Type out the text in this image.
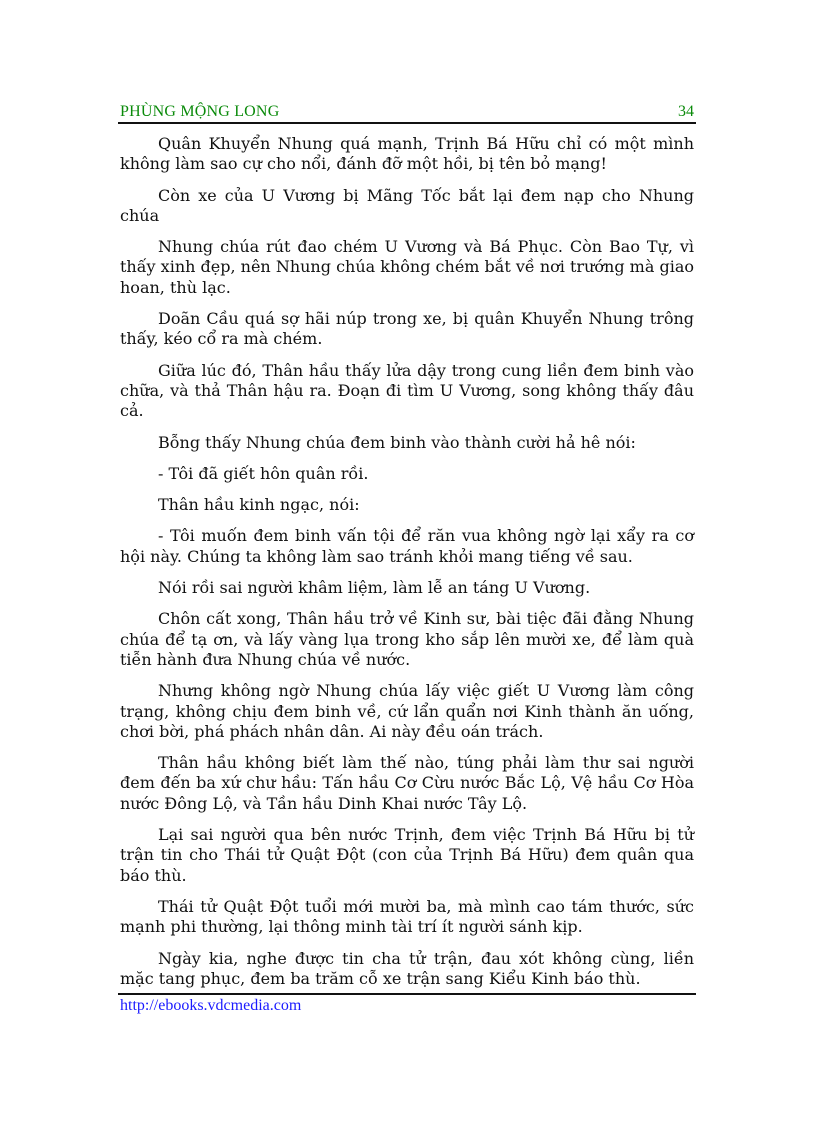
PHÙNG MỘNG LONG	34

Quân Khuyển Nhung quá mạnh, Trịnh Bá Hữu chỉ có một mình không làm sao cự cho nổi, đánh đỡ một hồi, bị tên bỏ mạng!

Còn xe của U Vương bị Mãng Tốc bắt lại đem nạp cho Nhung chúa

Nhung chúa rút đao chém U Vương và Bá Phục. Còn Bao Tự, vì thấy xinh đẹp, nên Nhung chúa không chém bắt về nơi trướng mà giao hoan, thù lạc.

Doãn Cầu quá sợ hãi núp trong xe, bị quân Khuyển Nhung trông thấy, kéo cổ ra mà chém.

Giữa lúc đó, Thân hầu thấy lửa dậy trong cung liền đem binh vào chữa, và thả Thân hậu ra. Đoạn đi tìm U Vương, song không thấy đâu cả.

Bỗng thấy Nhung chúa đem binh vào thành cười hả hê nói:

- Tôi đã giết hôn quân rồi.

Thân hầu kinh ngạc, nói:

- Tôi muốn đem binh vấn tội để răn vua không ngờ lại xẩy ra cơ hội này. Chúng ta không làm sao tránh khỏi mang tiếng về sau.

Nói rồi sai người khâm liệm, làm lễ an táng U Vương.

Chôn cất xong, Thân hầu trở về Kinh sư, bài tiệc đãi đằng Nhung chúa để tạ ơn, và lấy vàng lụa trong kho sắp lên mười xe, để làm quà tiễn hành đưa Nhung chúa về nước.

Nhưng không ngờ Nhung chúa lấy việc giết U Vương làm công trạng, không chịu đem binh về, cứ lẩn quẩn nơi Kinh thành ăn uống, chơi bời, phá phách nhân dân. Ai này đều oán trách.

Thân hầu không biết làm thế nào, túng phải làm thư sai người đem đến ba xứ chư hầu: Tấn hầu Cơ Cừu nước Bắc Lộ, Vệ hầu Cơ Hòa nước Đông Lộ, và Tần hầu Dinh Khai nước Tây Lộ.

Lại sai người qua bên nước Trịnh, đem việc Trịnh Bá Hữu bị tử trận tin cho Thái tử Quật Đột (con của Trịnh Bá Hữu) đem quân qua báo thù.

Thái tử Quật Đột tuổi mới mười ba, mà mình cao tám thước, sức mạnh phi thường, lại thông minh tài trí ít người sánh kịp.

Ngày kia, nghe được tin cha tử trận, đau xót không cùng, liền mặc tang phục, đem ba trăm cỗ xe trận sang Kiểu Kinh báo thù.

http://ebooks.vdcmedia.com
